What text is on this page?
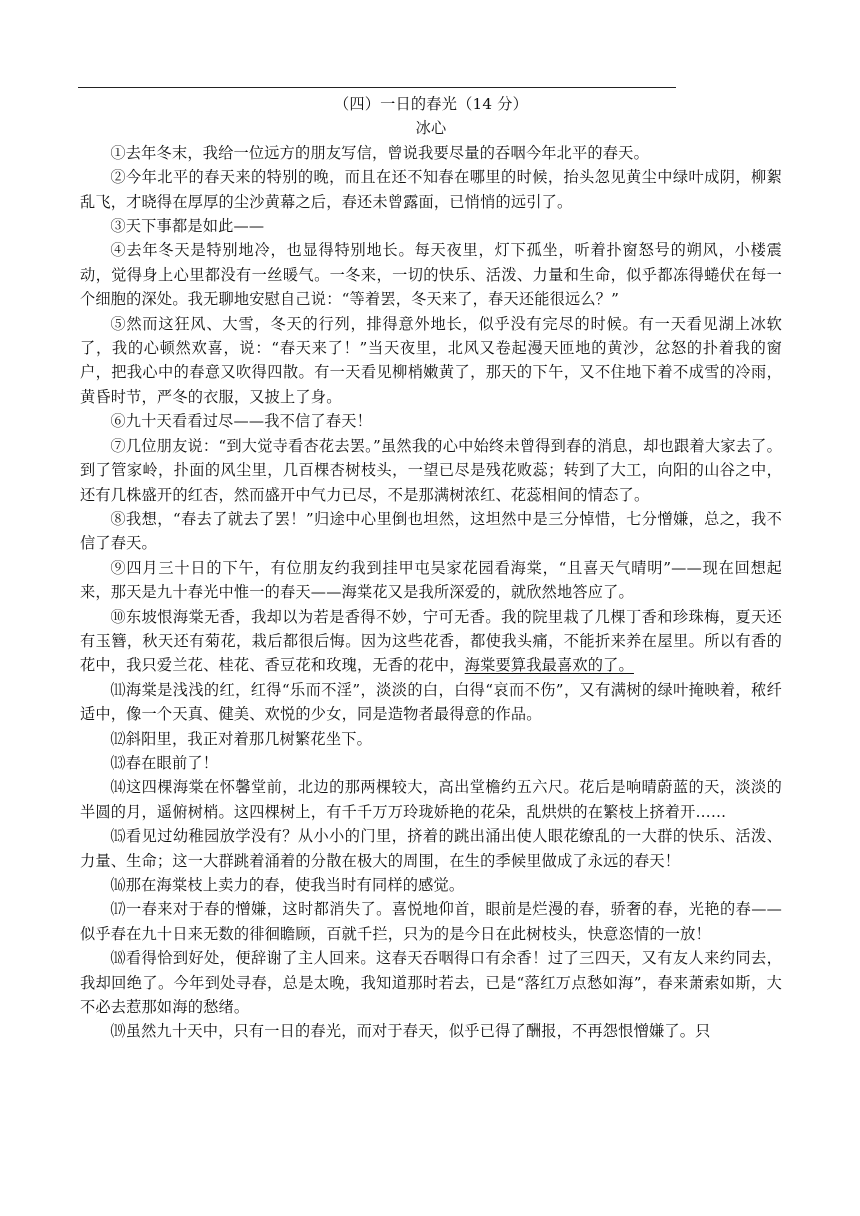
（四）一日的春光（14 分）
冰心

①去年冬末，我给一位远方的朋友写信，曾说我要尽量的吞咽今年北平的春天。

②今年北平的春天来的特别的晚，而且在还不知春在哪里的时候，抬头忽见黄尘中绿叶成阴，柳絮乱飞，才晓得在厚厚的尘沙黄幕之后，春还未曾露面，已悄悄的远引了。

③天下事都是如此——

④去年冬天是特别地冷，也显得特别地长。每天夜里，灯下孤坐，听着扑窗怒号的朔风，小楼震动，觉得身上心里都没有一丝暖气。一冬来，一切的快乐、活泼、力量和生命，似乎都冻得蜷伏在每一个细胞的深处。我无聊地安慰自己说：“等着罢，冬天来了，春天还能很远么？”

⑤然而这狂风、大雪，冬天的行列，排得意外地长，似乎没有完尽的时候。有一天看见湖上冰软了，我的心顿然欢喜，说：“春天来了！”当天夜里，北风又卷起漫天匝地的黄沙，忿怒的扑着我的窗户，把我心中的春意又吹得四散。有一天看见柳梢嫩黄了，那天的下午，又不住地下着不成雪的冷雨，黄昏时节，严冬的衣服，又披上了身。

⑥九十天看看过尽——我不信了春天！

⑦几位朋友说：“到大觉寺看杏花去罢。”虽然我的心中始终未曾得到春的消息，却也跟着大家去了。到了管家岭，扑面的风尘里，几百棵杏树枝头，一望已尽是残花败蕊；转到了大工，向阳的山谷之中，还有几株盛开的红杏，然而盛开中气力已尽，不是那满树浓红、花蕊相间的情态了。

⑧我想，“春去了就去了罢！”归途中心里倒也坦然，这坦然中是三分悼惜，七分憎嫌，总之，我不信了春天。

⑨四月三十日的下午，有位朋友约我到挂甲屯吴家花园看海棠，“且喜天气晴明”——现在回想起来，那天是九十春光中惟一的春天——海棠花又是我所深爱的，就欣然地答应了。

⑩东坡恨海棠无香，我却以为若是香得不妙，宁可无香。我的院里栽了几棵丁香和珍珠梅，夏天还有玉簪，秋天还有菊花，栽后都很后悔。因为这些花香，都使我头痛，不能折来养在屋里。所以有香的花中，我只爱兰花、桂花、香豆花和玫瑰，无香的花中，海棠要算我最喜欢的了。

⑾海棠是浅浅的红，红得“乐而不淫”，淡淡的白，白得“哀而不伤”，又有满树的绿叶掩映着，秾纤适中，像一个天真、健美、欢悦的少女，同是造物者最得意的作品。

⑿斜阳里，我正对着那几树繁花坐下。

⒀春在眼前了！

⒁这四棵海棠在怀馨堂前，北边的那两棵较大，高出堂檐约五六尺。花后是响晴蔚蓝的天，淡淡的半圆的月，遥俯树梢。这四棵树上，有千千万万玲珑娇艳的花朵，乱烘烘的在繁枝上挤着开……

⒂看见过幼稚园放学没有？从小小的门里，挤着的跳出涌出使人眼花缭乱的一大群的快乐、活泼、力量、生命；这一大群跳着涌着的分散在极大的周围，在生的季候里做成了永远的春天！

⒃那在海棠枝上卖力的春，使我当时有同样的感觉。

⒄一春来对于春的憎嫌，这时都消失了。喜悦地仰首，眼前是烂漫的春，骄奢的春，光艳的春——似乎春在九十日来无数的徘徊瞻顾，百就千拦，只为的是今日在此树枝头，快意恣情的一放！

⒅看得恰到好处，便辞谢了主人回来。这春天吞咽得口有余香！过了三四天，又有友人来约同去，我却回绝了。今年到处寻春，总是太晚，我知道那时若去，已是“落红万点愁如海”，春来萧索如斯，大不必去惹那如海的愁绪。

⒆虽然九十天中，只有一日的春光，而对于春天，似乎已得了酬报，不再怨恨憎嫌了。只
